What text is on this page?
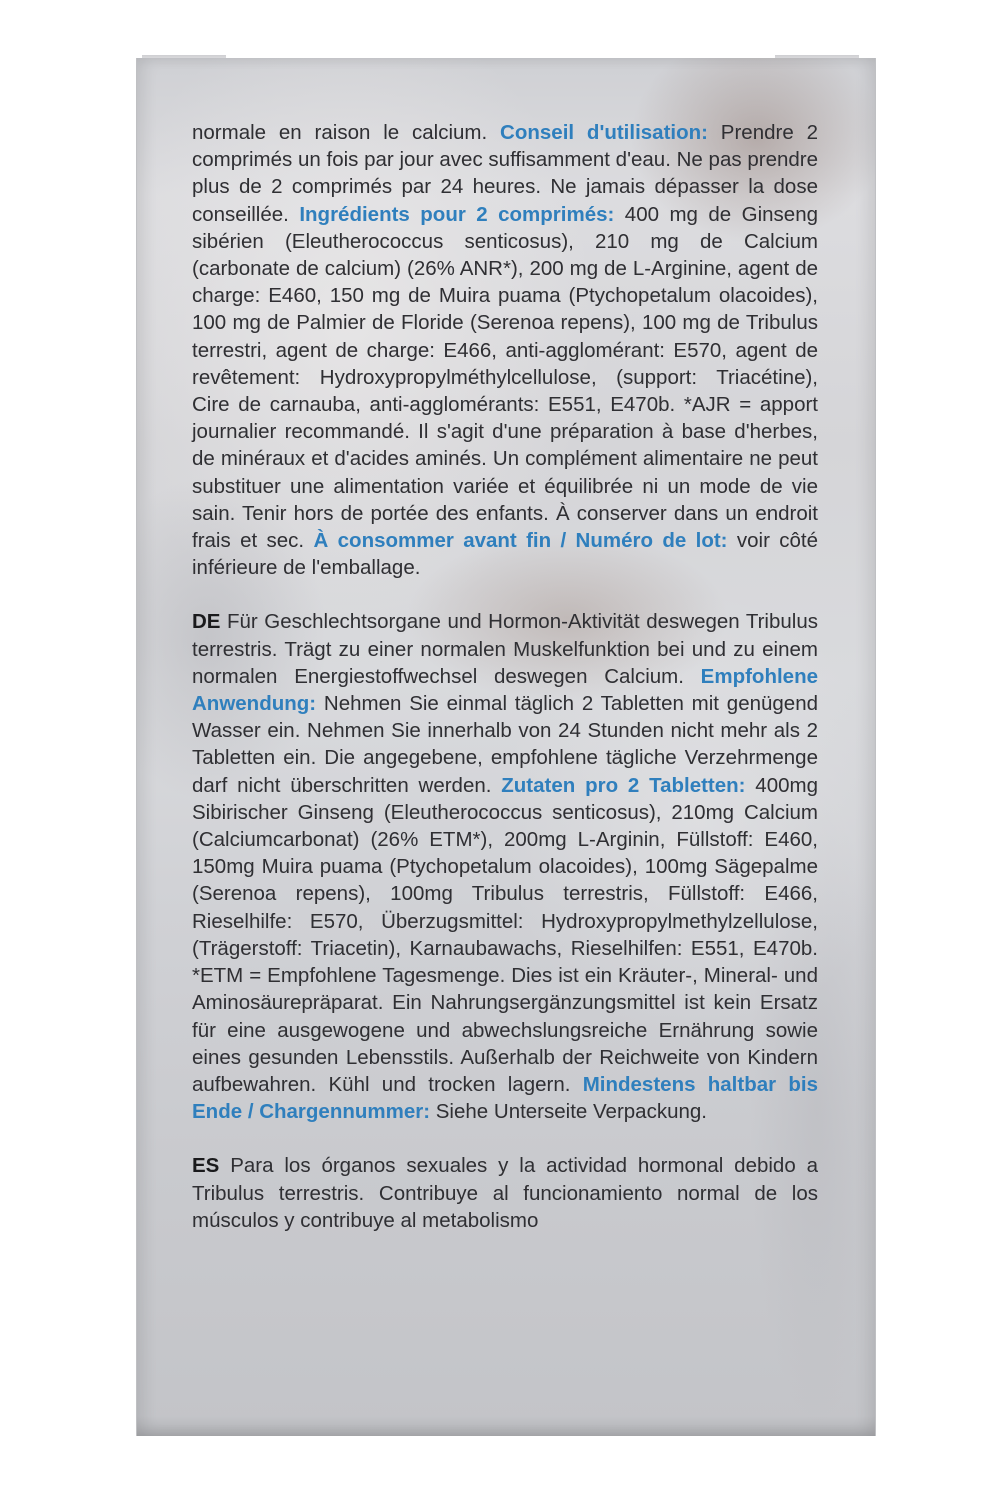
normale en raison le calcium. Conseil d'utilisation: Prendre 2 comprimés un fois par jour avec suffisamment d'eau. Ne pas prendre plus de 2 comprimés par 24 heures. Ne jamais dépasser la dose conseillée. Ingrédients pour 2 comprimés: 400 mg de Ginseng sibérien (Eleutherococcus senticosus), 210 mg de Calcium (carbonate de calcium) (26% ANR*), 200 mg de L-Arginine, agent de charge: E460, 150 mg de Muira puama (Ptychopetalum olacoides), 100 mg de Palmier de Floride (Serenoa repens), 100 mg de Tribulus terrestri, agent de charge: E466, anti-agglomérant: E570, agent de revêtement: Hydroxypropylméthylcellulose, (support: Triacétine), Cire de carnauba, anti-agglomérants: E551, E470b. *AJR = apport journalier recommandé. Il s'agit d'une préparation à base d'herbes, de minéraux et d'acides aminés. Un complément alimentaire ne peut substituer une alimentation variée et équilibrée ni un mode de vie sain. Tenir hors de portée des enfants. À conserver dans un endroit frais et sec. À consommer avant fin / Numéro de lot: voir côté inférieure de l'emballage.

DE Für Geschlechtsorgane und Hormon-Aktivität deswegen Tribulus terrestris. Trägt zu einer normalen Muskelfunktion bei und zu einem normalen Energiestoffwechsel deswegen Calcium. Empfohlene Anwendung: Nehmen Sie einmal täglich 2 Tabletten mit genügend Wasser ein. Nehmen Sie innerhalb von 24 Stunden nicht mehr als 2 Tabletten ein. Die angegebene, empfohlene tägliche Verzehrmenge darf nicht überschritten werden. Zutaten pro 2 Tabletten: 400mg Sibirischer Ginseng (Eleutherococcus senticosus), 210mg Calcium (Calciumcarbonat) (26% ETM*), 200mg L-Arginin, Füllstoff: E460, 150mg Muira puama (Ptychopetalum olacoides), 100mg Sägepalme (Serenoa repens), 100mg Tribulus terrestris, Füllstoff: E466, Rieselhilfe: E570, Überzugsmittel: Hydroxypropylmethylzellulose, (Trägerstoff: Triacetin), Karnaubawachs, Rieselhilfen: E551, E470b. *ETM = Empfohlene Tagesmenge. Dies ist ein Kräuter-, Mineral- und Aminosäurepräparat. Ein Nahrungsergänzungsmittel ist kein Ersatz für eine ausgewogene und abwechslungsreiche Ernährung sowie eines gesunden Lebensstils. Außerhalb der Reichweite von Kindern aufbewahren. Kühl und trocken lagern. Mindestens haltbar bis Ende / Chargennummer: Siehe Unterseite Verpackung.

ES Para los órganos sexuales y la actividad hormonal debido a Tribulus terrestris. Contribuye al funcionamiento normal de los músculos y contribuye al metabolismo
